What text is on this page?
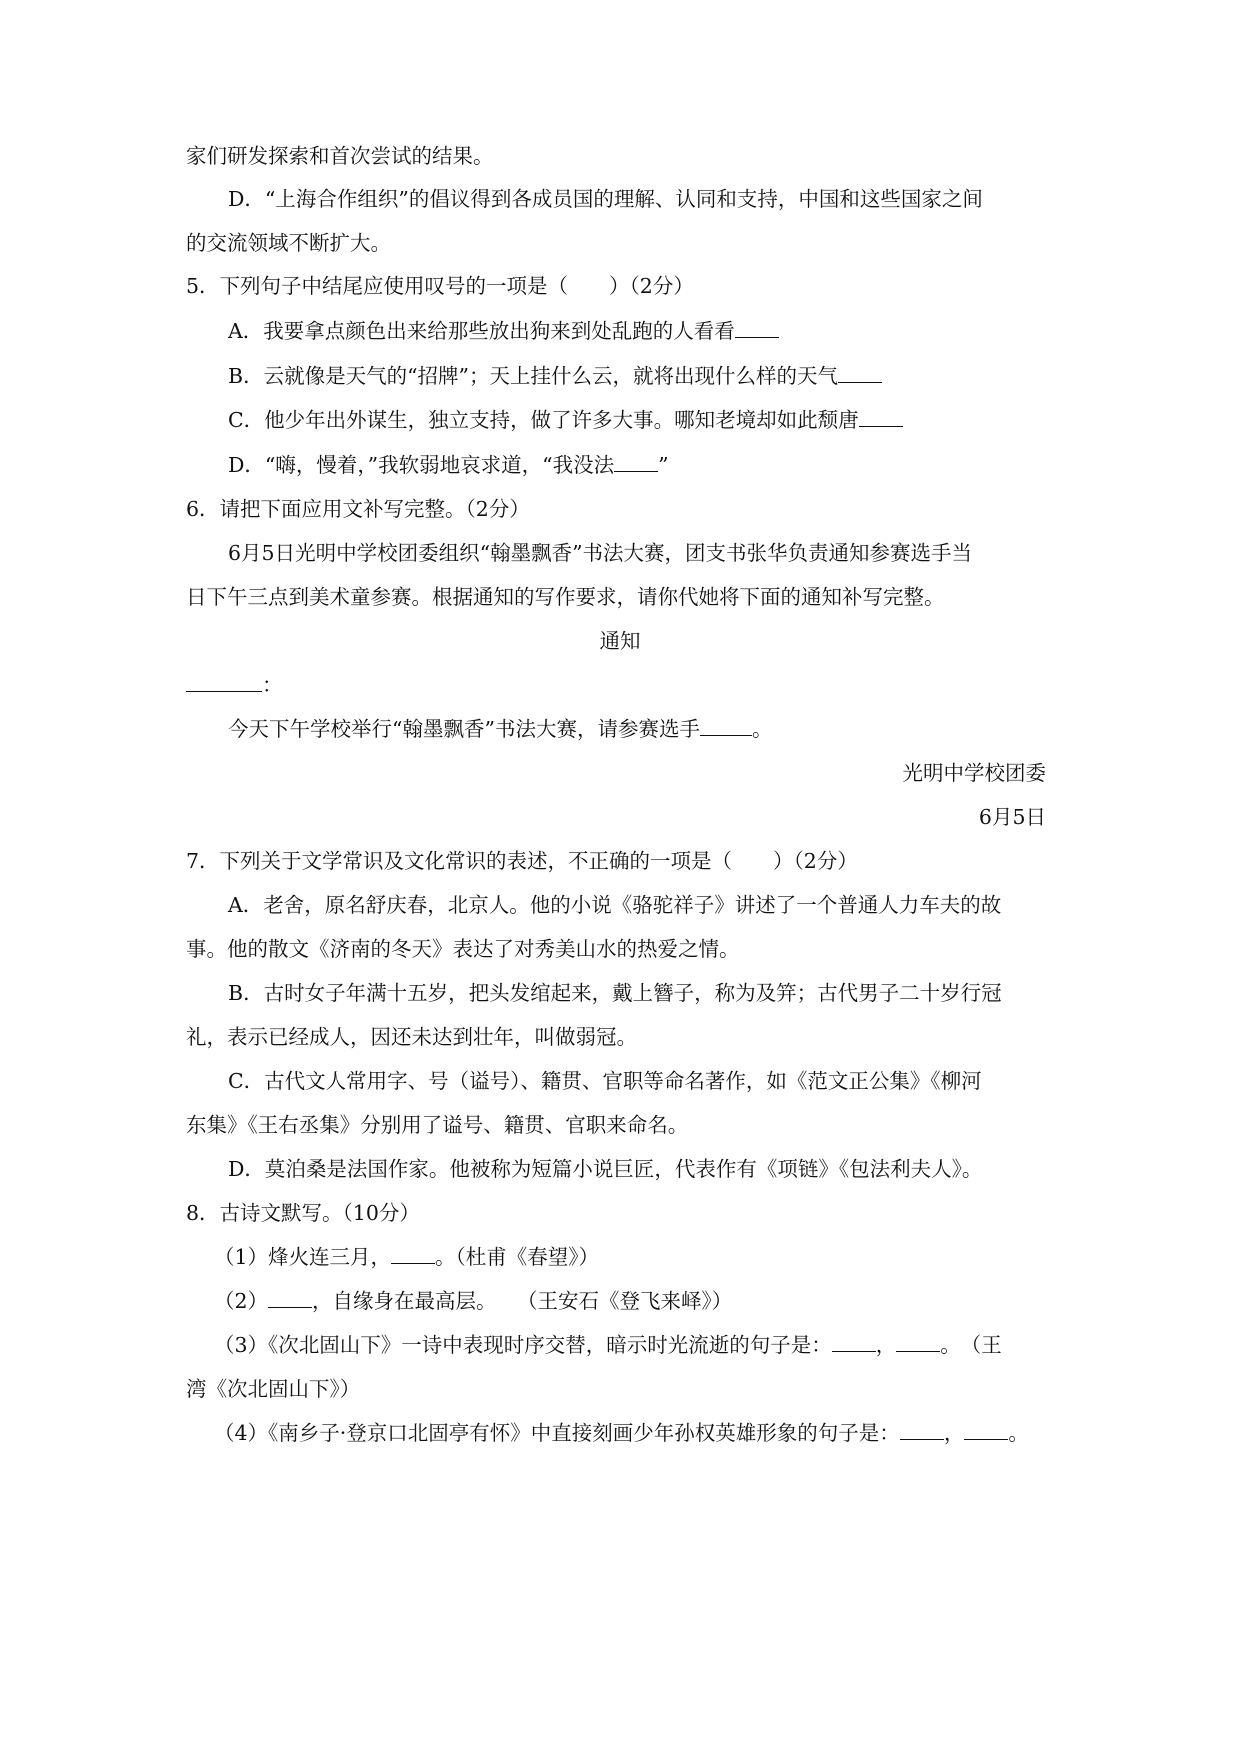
家们研发探索和首次尝试的结果。
D．“上海合作组织”的倡议得到各成员国的理解、认同和支持，中国和这些国家之间
的交流领域不断扩大。
5．下列句子中结尾应使用叹号的一项是（　　）（2分）
A．我要拿点颜色出来给那些放出狗来到处乱跑的人看看
B．云就像是天气的“招牌”；天上挂什么云，就将出现什么样的天气
C．他少年出外谋生，独立支持，做了许多大事。哪知老境却如此颓唐
D．“嗨，慢着，”我软弱地哀求道，“我没法 ”
6．请把下面应用文补写完整。（2分）
6月5日光明中学校团委组织“翰墨飘香”书法大赛，团支书张华负责通知参赛选手当
日下午三点到美术童参赛。根据通知的写作要求，请你代她将下面的通知补写完整。
通知
：
今天下午学校举行“翰墨飘香”书法大赛，请参赛选手	。
光明中学校团委
6月5日
7．下列关于文学常识及文化常识的表述，不正确的一项是（　　）（2分）
A．老舍，原名舒庆春，北京人。他的小说《骆驼祥子》讲述了一个普通人力车夫的故
事。他的散文《济南的冬天》表达了对秀美山水的热爱之情。
B．古时女子年满十五岁，把头发绾起来，戴上簪子，称为及笄；古代男子二十岁行冠
礼，表示已经成人，因还未达到壮年，叫做弱冠。
C．古代文人常用字、号（谥号）、籍贯、官职等命名著作，如《范文正公集》《柳河
东集》《王右丞集》分别用了谥号、籍贯、官职来命名。
D．莫泊桑是法国作家。他被称为短篇小说巨匠，代表作有《项链》《包法利夫人》。
8．古诗文默写。（10分）
（1）烽火连三月， 。（杜甫《春望》）
（2） ，自缘身在最高层。　　（王安石《登飞来峄》）
（3）《次北固山下》一诗中表现时序交替，暗示时光流逝的句子是： ， 。　（王
湾《次北固山下》）
（4）《南乡子·登京口北固亭有怀》中直接刻画少年孙权英雄形象的句子是： ， 。
